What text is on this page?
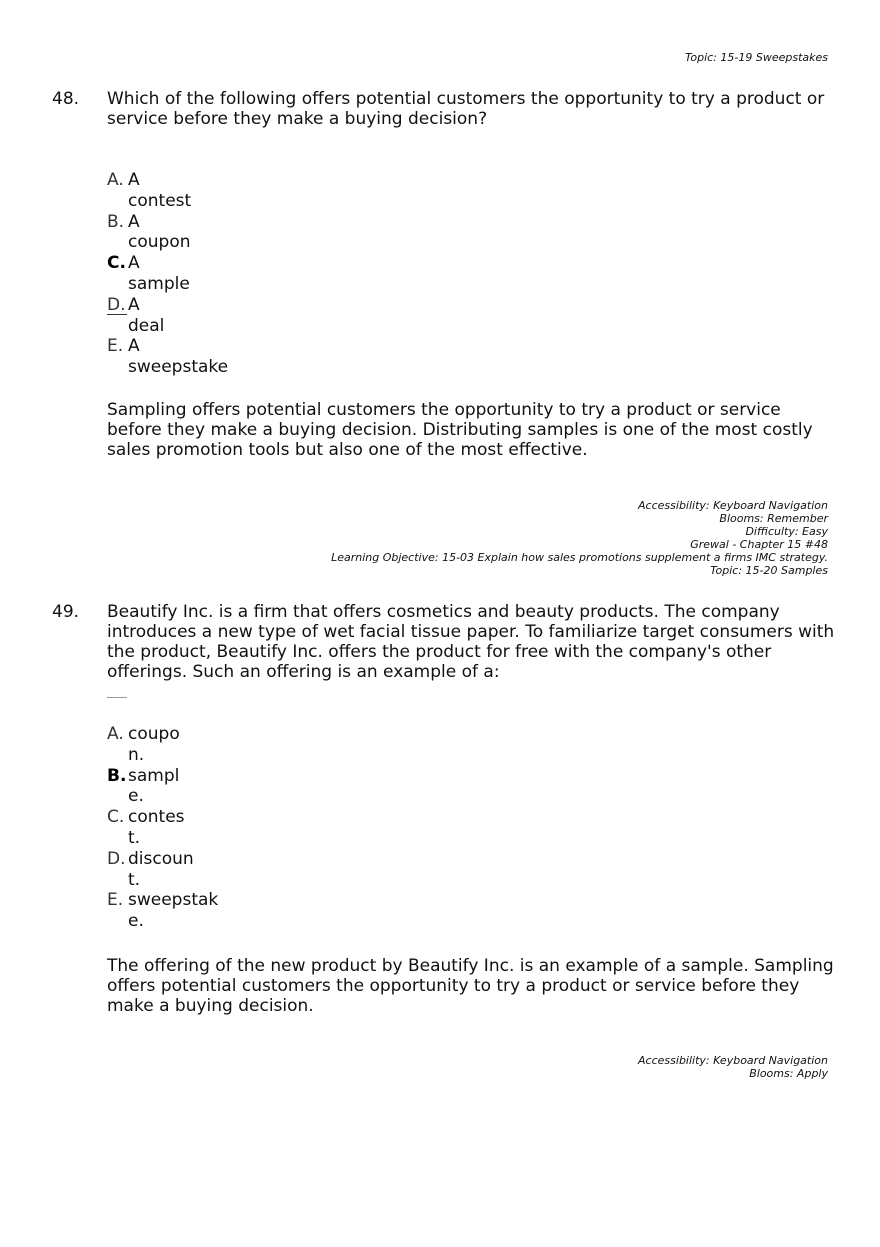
Topic: 15-19 Sweepstakes
48. Which of the following offers potential customers the opportunity to try a product or service before they make a buying decision?
A. A
contest
B. A
coupon
C. A
sample
D. A
deal
E. A
sweepstake
Sampling offers potential customers the opportunity to try a product or service before they make a buying decision. Distributing samples is one of the most costly sales promotion tools but also one of the most effective.
Accessibility: Keyboard Navigation
Blooms: Remember
Difficulty: Easy
Grewal - Chapter 15 #48
Learning Objective: 15-03 Explain how sales promotions supplement a firms IMC strategy.
Topic: 15-20 Samples
49. Beautify Inc. is a firm that offers cosmetics and beauty products. The company introduces a new type of wet facial tissue paper. To familiarize target consumers with the product, Beautify Inc. offers the product for free with the company's other offerings. Such an offering is an example of a:
A. coupo
n.
B. sampl
e.
C. contes
t.
D. discoun
t.
E. sweepstak
e.
The offering of the new product by Beautify Inc. is an example of a sample. Sampling offers potential customers the opportunity to try a product or service before they make a buying decision.
Accessibility: Keyboard Navigation
Blooms: Apply
